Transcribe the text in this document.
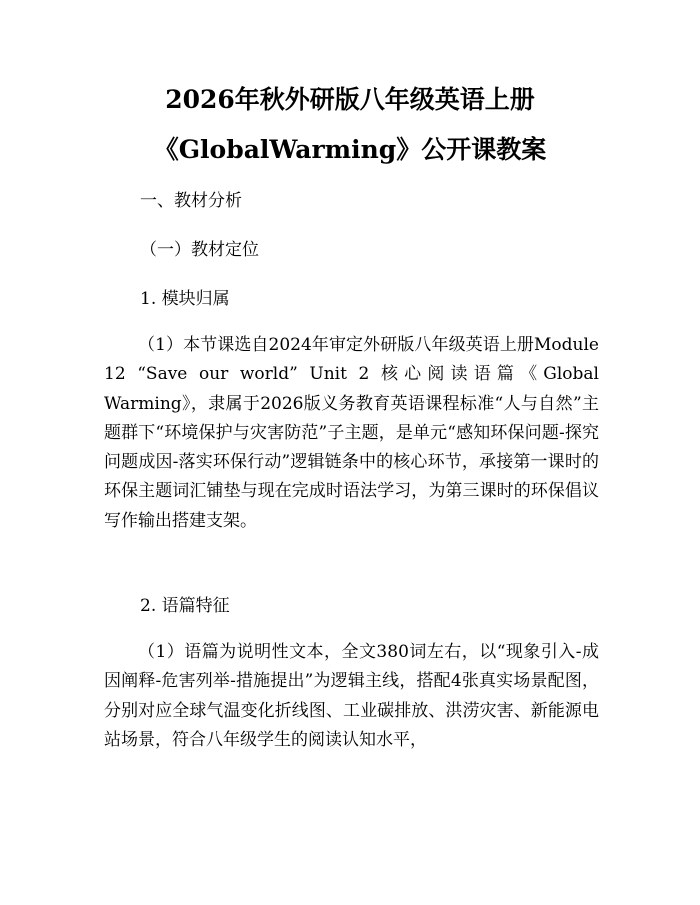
2026年秋外研版八年级英语上册
《GlobalWarming》公开课教案
一、教材分析
（一）教材定位
1. 模块归属
（1）本节课选自2024年审定外研版八年级英语上册Module 12 “Save our world” Unit 2 核心阅读语篇《Global Warming》，隶属于2026版义务教育英语课程标准“人与自然”主题群下“环境保护与灾害防范”子主题，是单元“感知环保问题-探究问题成因-落实环保行动”逻辑链条中的核心环节，承接第一课时的环保主题词汇铺垫与现在完成时语法学习，为第三课时的环保倡议写作输出搭建支架。
2. 语篇特征
（1）语篇为说明性文本，全文380词左右，以“现象引入-成因阐释-危害列举-措施提出”为逻辑主线，搭配4张真实场景配图，分别对应全球气温变化折线图、工业碳排放、洪涝灾害、新能源电站场景，符合八年级学生的阅读认知水平，
